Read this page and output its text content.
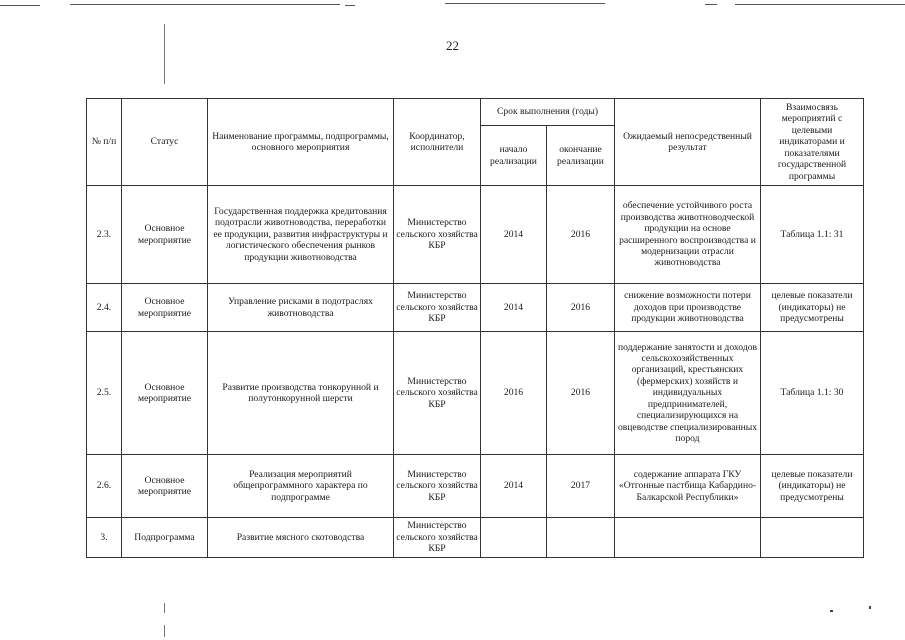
22
№ п/п	Статус	Наименование программы, подпрограммы, основного мероприятия	Координатор, исполнители	Срок выполнения (годы)		Ожидаемый непосредственный результат	Взаимосвязь мероприятий с целевыми индикаторами и показателями государственной программы
				начало реализации	окончание реализации		
2.3.	Основное мероприятие	Государственная поддержка кредитования подотрасли животноводства, переработки ее продукции, развития инфраструктуры и логистического обеспечения рынков продукции животноводства	Министерство сельского хозяйства КБР	2014	2016	обеспечение устойчивого роста производства животноводческой продукции на основе расширенного воспроизводства и модернизации отрасли животноводства	Таблица 1.1: 31
2.4.	Основное мероприятие	Управление рисками в подотраслях животноводства	Министерство сельского хозяйства КБР	2014	2016	снижение возможности потери доходов при производстве продукции животноводства	целевые показатели (индикаторы) не предусмотрены
2.5.	Основное мероприятие	Развитие производства тонкорунной и полутонкорунной шерсти	Министерство сельского хозяйства КБР	2016	2016	поддержание занятости и доходов сельскохозяйственных организаций, крестьянских (фермерских) хозяйств и индивидуальных предпринимателей, специализирующихся на овцеводстве специализированных пород	Таблица 1.1: 30
2.6.	Основное мероприятие	Реализация мероприятий общепрограммного характера по подпрограмме	Министерство сельского хозяйства КБР	2014	2017	содержание аппарата ГКУ «Отгонные пастбища Кабардино-Балкарской Республики»	целевые показатели (индикаторы) не предусмотрены
3.	Подпрограмма	Развитие мясного скотоводства	Министерство сельского хозяйства КБР				
